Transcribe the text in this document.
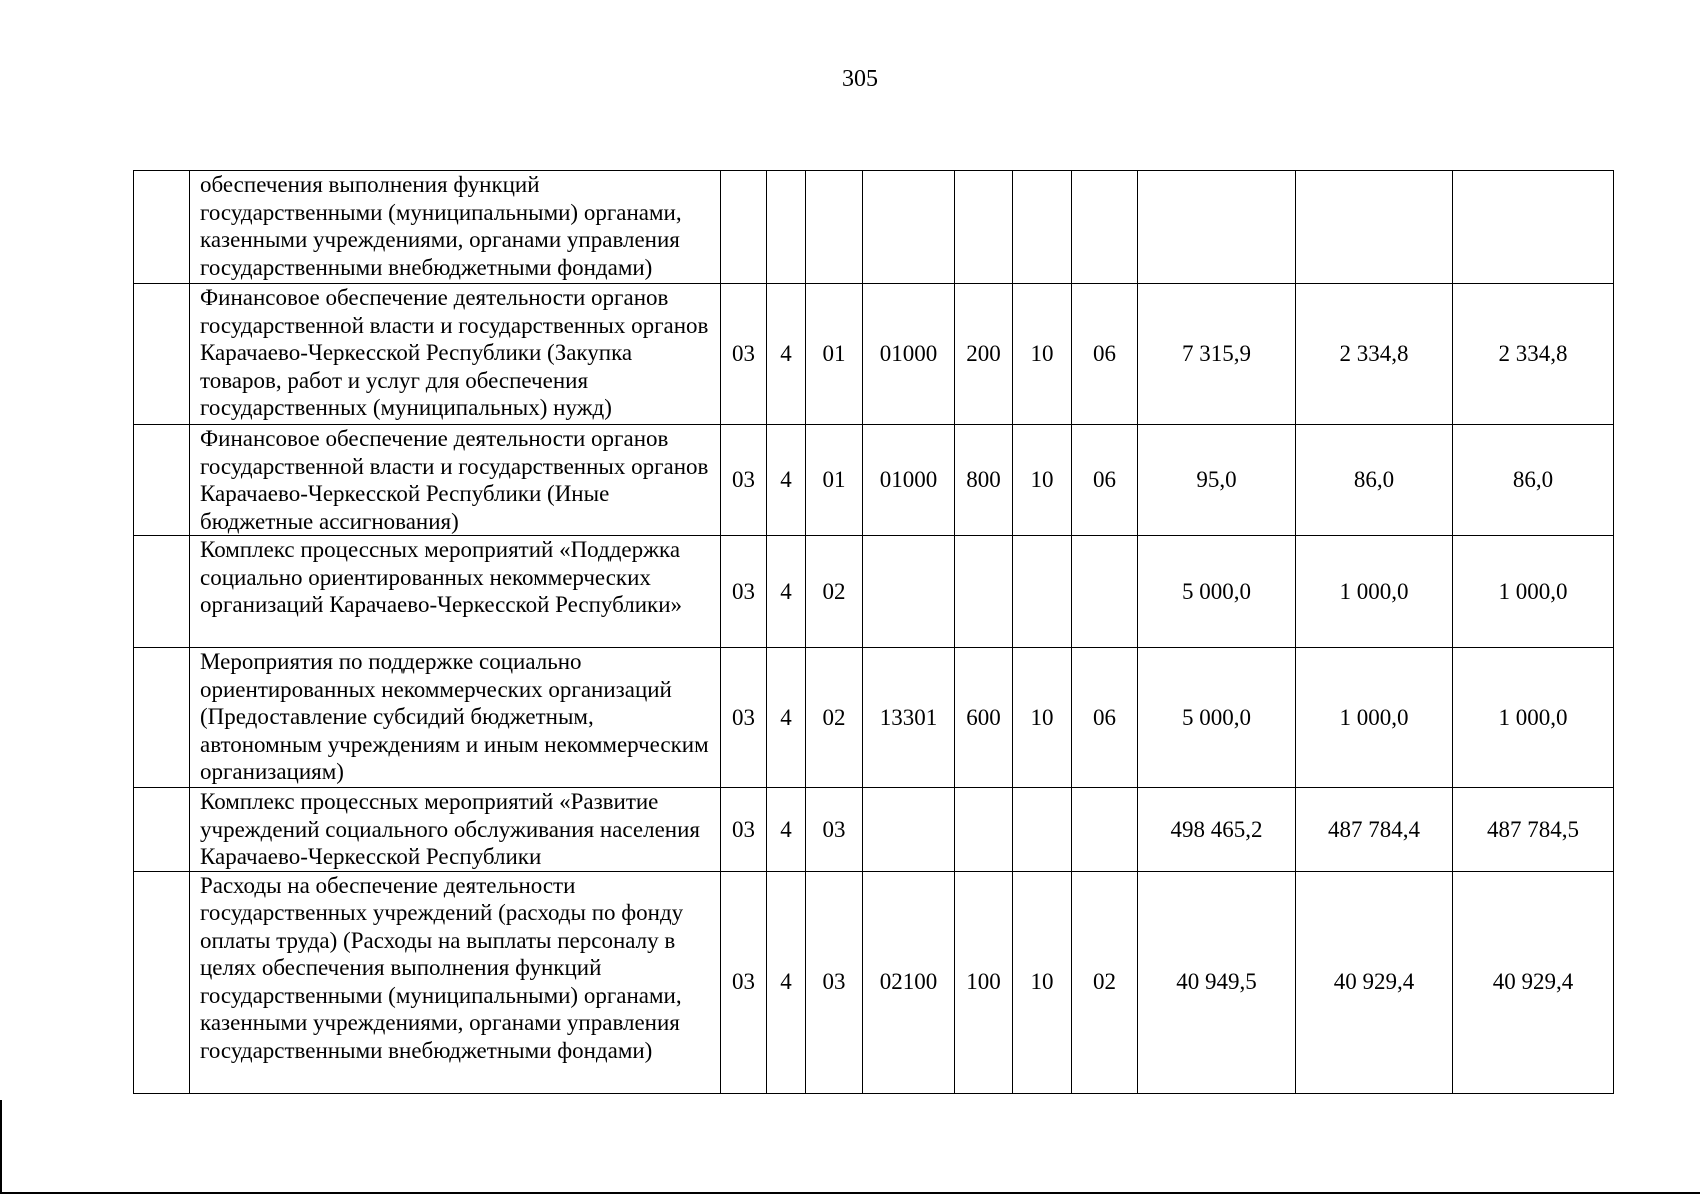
305
	обеспечения выполнения функций государственными (муниципальными) органами, казенными учреждениями, органами управления государственными внебюджетными фондами)										
	Финансовое обеспечение деятельности органов государственной власти и государственных органов Карачаево-Черкесской Республики (Закупка товаров, работ и услуг для обеспечения государственных (муниципальных) нужд)	03	4	01	01000	200	10	06	7 315,9	2 334,8	2 334,8
	Финансовое обеспечение деятельности органов государственной власти и государственных органов Карачаево-Черкесской Республики (Иные бюджетные ассигнования)	03	4	01	01000	800	10	06	95,0	86,0	86,0
	Комплекс процессных мероприятий «Поддержка социально ориентированных некоммерческих организаций Карачаево-Черкесской Республики»	03	4	02					5 000,0	1 000,0	1 000,0
	Мероприятия по поддержке социально ориентированных некоммерческих организаций (Предоставление субсидий бюджетным, автономным учреждениям и иным некоммерческим организациям)	03	4	02	13301	600	10	06	5 000,0	1 000,0	1 000,0
	Комплекс процессных мероприятий «Развитие учреждений социального обслуживания населения Карачаево-Черкесской Республики	03	4	03					498 465,2	487 784,4	487 784,5
	Расходы на обеспечение деятельности государственных учреждений (расходы по фонду оплаты труда) (Расходы на выплаты персоналу в целях обеспечения выполнения функций государственными (муниципальными) органами, казенными учреждениями, органами управления государственными внебюджетными фондами)	03	4	03	02100	100	10	02	40 949,5	40 929,4	40 929,4
